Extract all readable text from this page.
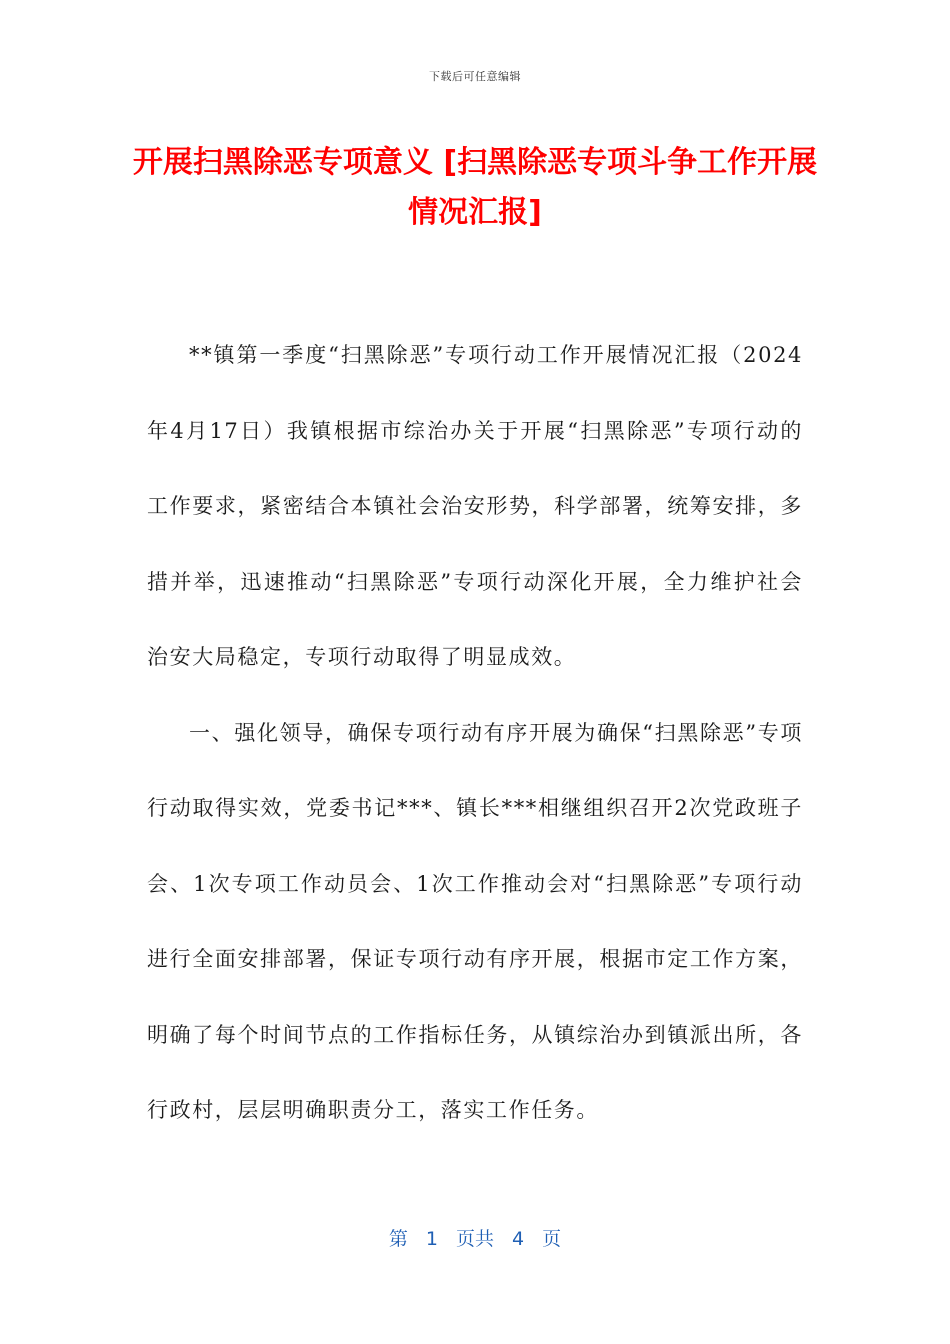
下载后可任意编辑
开展扫黑除恶专项意义 [扫黑除恶专项斗争工作开展情况汇报]

**镇第一季度“扫黑除恶”专项行动工作开展情况汇报（2024年4月17日）我镇根据市综治办关于开展“扫黑除恶”专项行动的工作要求，紧密结合本镇社会治安形势，科学部署，统筹安排，多措并举，迅速推动“扫黑除恶”专项行动深化开展，全力维护社会治安大局稳定，专项行动取得了明显成效。

一、强化领导，确保专项行动有序开展为确保“扫黑除恶”专项行动取得实效，党委书记***、镇长***相继组织召开2次党政班子会、1次专项工作动员会、1次工作推动会对“扫黑除恶”专项行动进行全面安排部署，保证专项行动有序开展，根据市定工作方案，明确了每个时间节点的工作指标任务，从镇综治办到镇派出所，各行政村，层层明确职责分工，落实工作任务。

第 1 页共 4 页
